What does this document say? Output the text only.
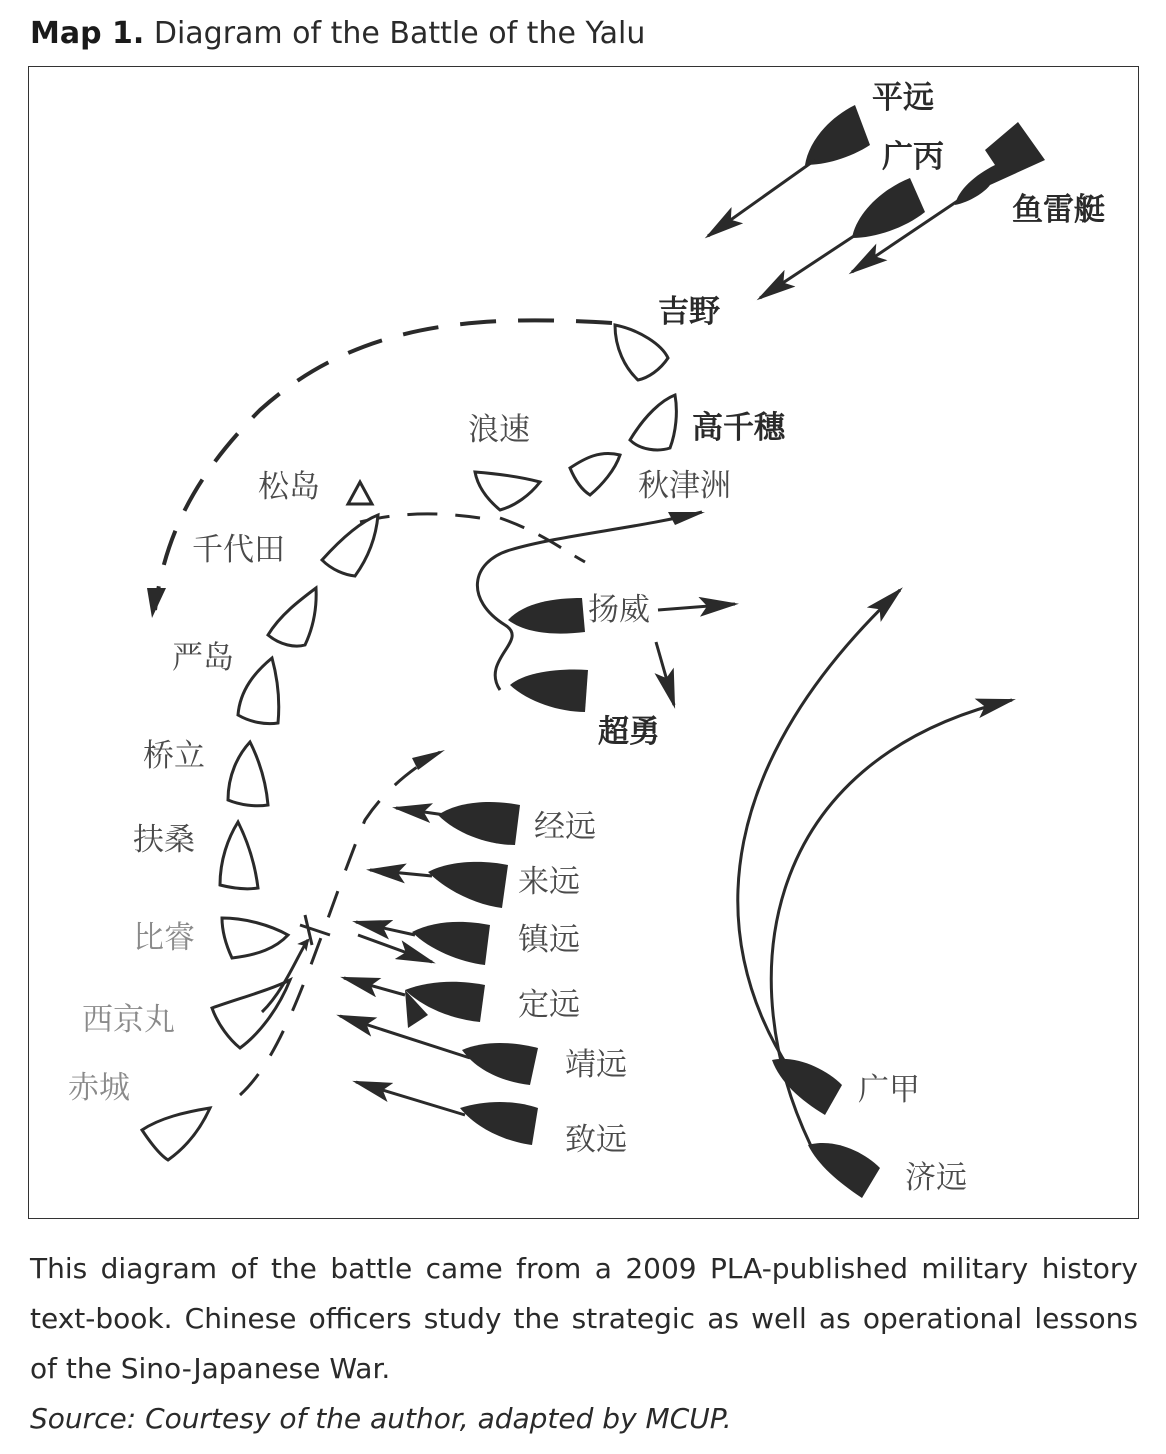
Map 1. Diagram of the Battle of the Yalu
平远
广丙
鱼雷艇
吉野
浪速	高千穗
秋津洲
松岛
千代田
严岛
桥立
扶桑
比睿
西京丸
赤城
扬威
超勇
经远
来远
镇远
定远
靖远
致远
广甲
济远
This diagram of the battle came from a 2009 PLA-published military history text-book. Chinese officers study the strategic as well as operational lessons of the Sino-Japanese War.
Source: Courtesy of the author, adapted by MCUP.
